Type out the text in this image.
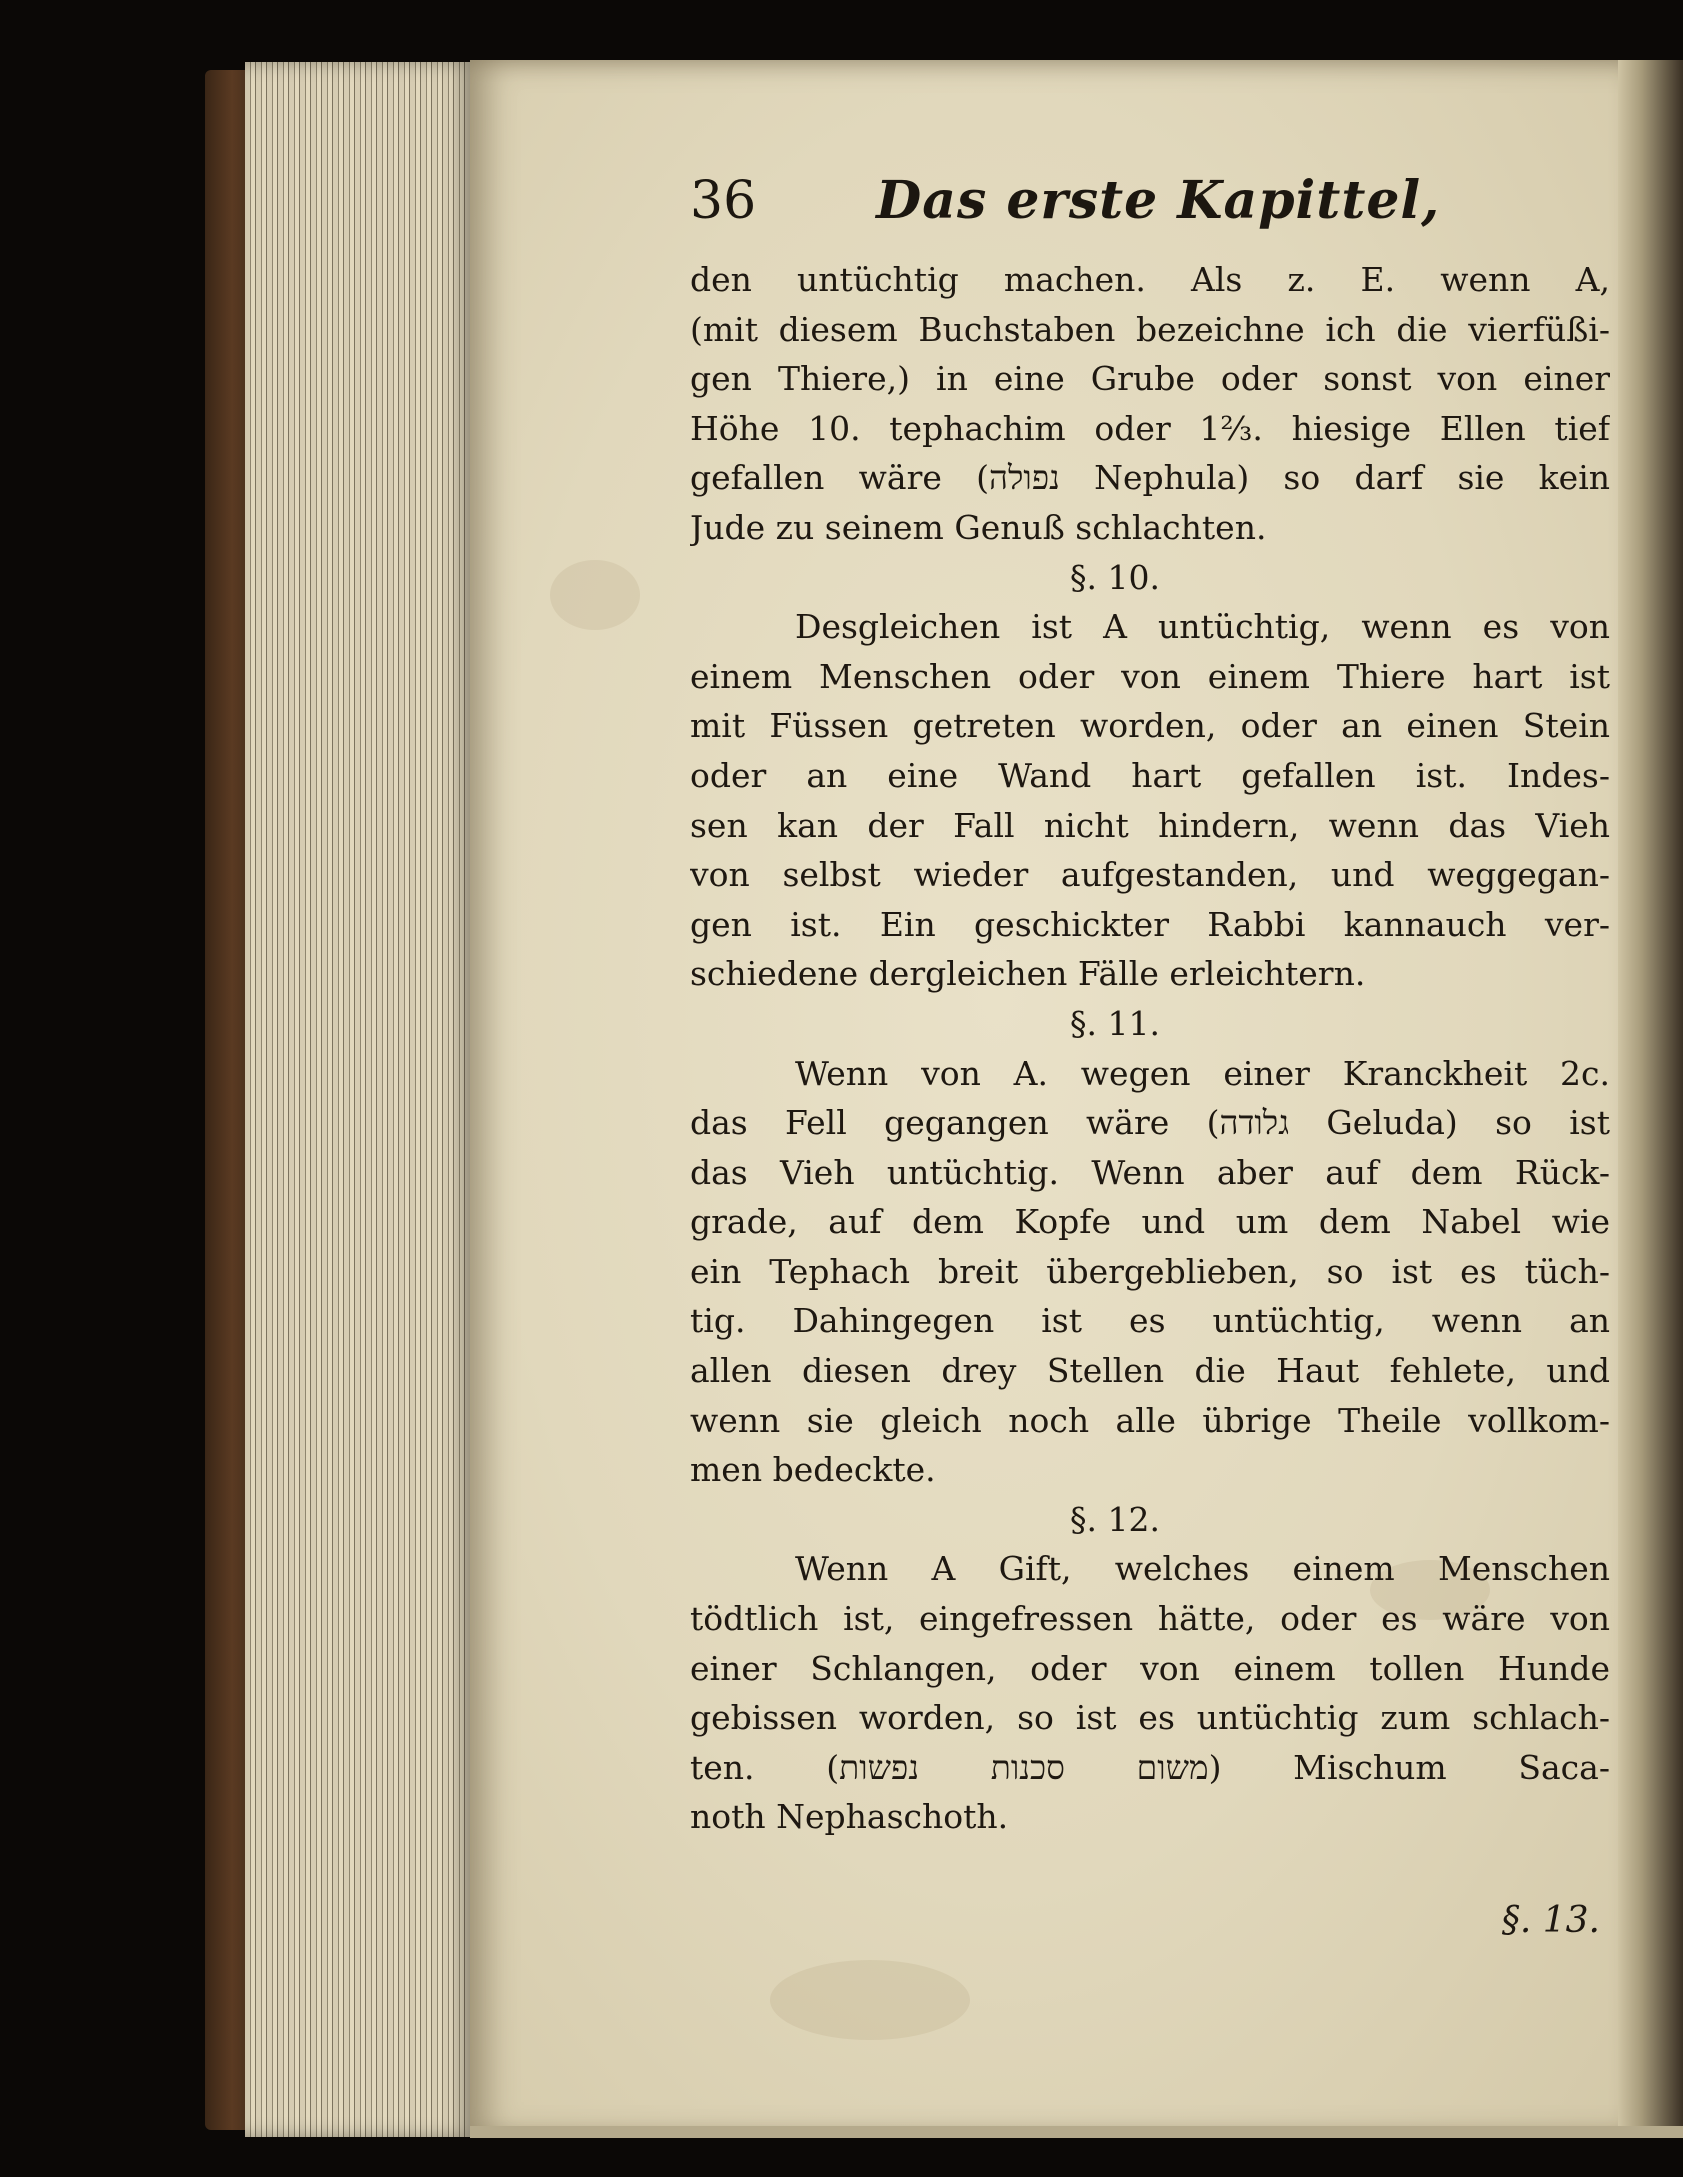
36 Das erste Kapittel,
den untüchtig machen. Als z. E. wenn A,
(mit diesem Buchstaben bezeichne ich die vierfüßi-
gen Thiere,) in eine Grube oder sonst von einer
Höhe 10. tephachim oder 1⅔. hiesige Ellen tief
gefallen wäre (נפולה Nephula) so darf sie kein
Jude zu seinem Genuß schlachten.
§. 10.
Desgleichen ist A untüchtig, wenn es von
einem Menschen oder von einem Thiere hart ist
mit Füssen getreten worden, oder an einen Stein
oder an eine Wand hart gefallen ist. Indes-
sen kan der Fall nicht hindern, wenn das Vieh
von selbst wieder aufgestanden, und weggegan-
gen ist. Ein geschickter Rabbi kannauch ver-
schiedene dergleichen Fälle erleichtern.
§. 11.
Wenn von A. wegen einer Kranckheit 2c.
das Fell gegangen wäre (גלודה Geluda) so ist
das Vieh untüchtig. Wenn aber auf dem Rück-
grade, auf dem Kopfe und um dem Nabel wie
ein Tephach breit übergeblieben, so ist es tüch-
tig. Dahingegen ist es untüchtig, wenn an
allen diesen drey Stellen die Haut fehlete, und
wenn sie gleich noch alle übrige Theile vollkom-
men bedeckte.
§. 12.
Wenn A Gift, welches einem Menschen
tödtlich ist, eingefressen hätte, oder es wäre von
einer Schlangen, oder von einem tollen Hunde
gebissen worden, so ist es untüchtig zum schlach-
ten. (משום סכנות נפשות) Mischum Saca-
noth Nephaschoth.
§. 13.
